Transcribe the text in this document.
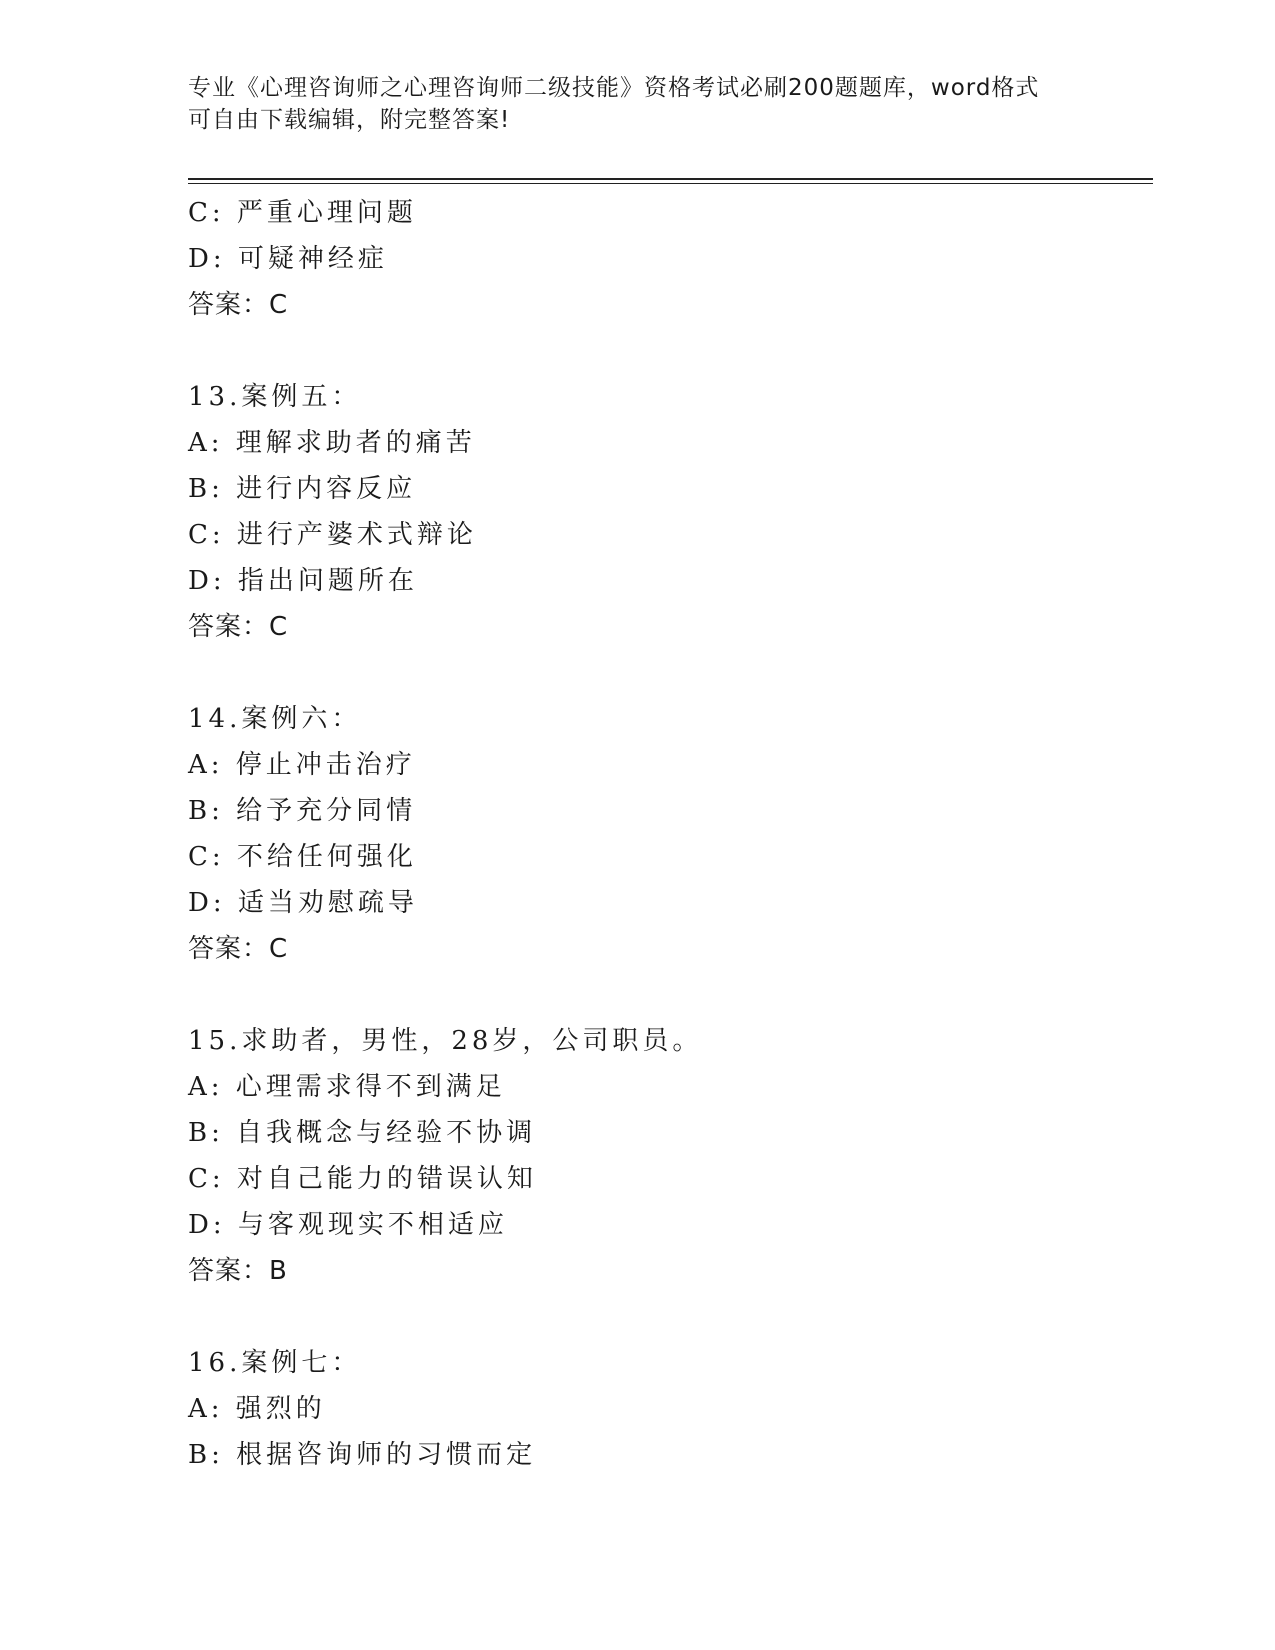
专业《心理咨询师之心理咨询师二级技能》资格考试必刷200题题库，word格式
可自由下载编辑，附完整答案!
C: 严重心理问题
D: 可疑神经症
答案：C
13.案例五：
A: 理解求助者的痛苦
B: 进行内容反应
C: 进行产婆术式辩论
D: 指出问题所在
答案：C
14.案例六：
A: 停止冲击治疗
B: 给予充分同情
C: 不给任何强化
D: 适当劝慰疏导
答案：C
15.求助者，男性，28岁，公司职员。
A: 心理需求得不到满足
B: 自我概念与经验不协调
C: 对自己能力的错误认知
D: 与客观现实不相适应
答案：B
16.案例七：
A: 强烈的
B: 根据咨询师的习惯而定
